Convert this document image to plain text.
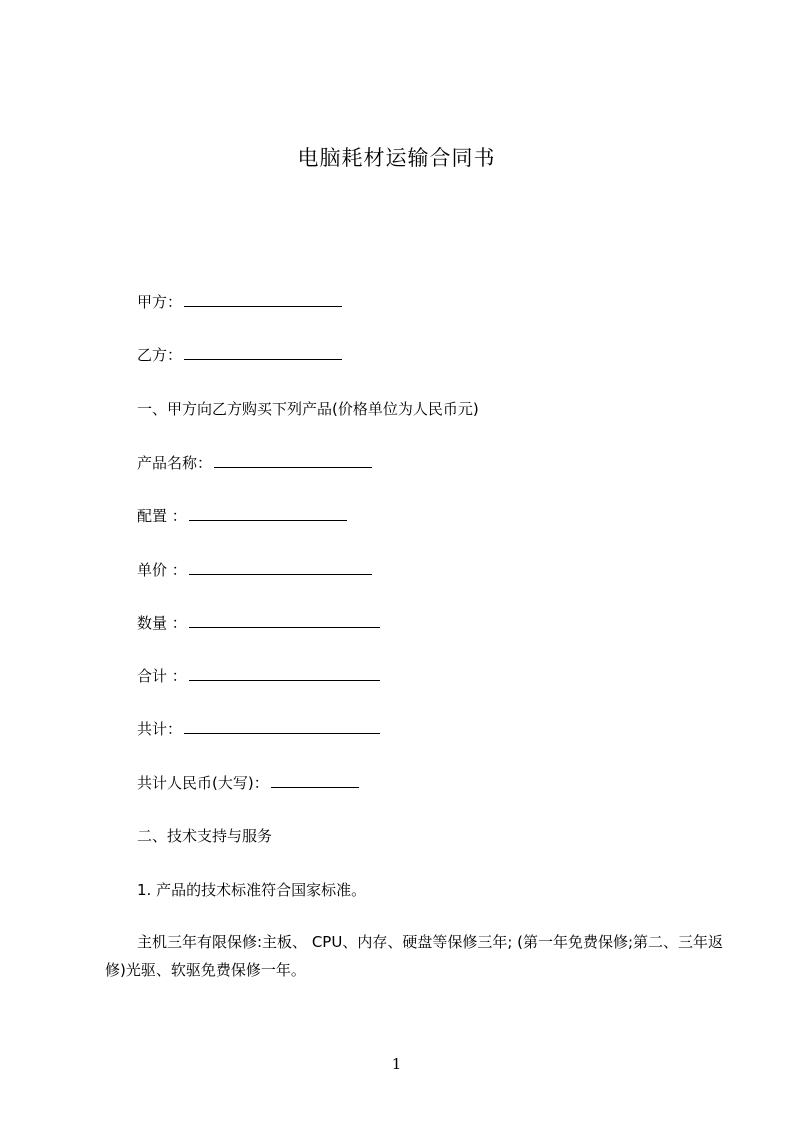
电脑耗材运输合同书
甲方：
乙方：
一、甲方向乙方购买下列产品(价格单位为人民币元)
产品名称：
配置 ：
单价 ：
数量 ：
合计 ：
共计：
共计人民币(大写)：
二、技术支持与服务
1. 产品的技术标准符合国家标准。
主机三年有限保修:主板、 CPU、内存、硬盘等保修三年; (第一年免费保修;第二、三年返修)光驱、软驱免费保修一年。
1
